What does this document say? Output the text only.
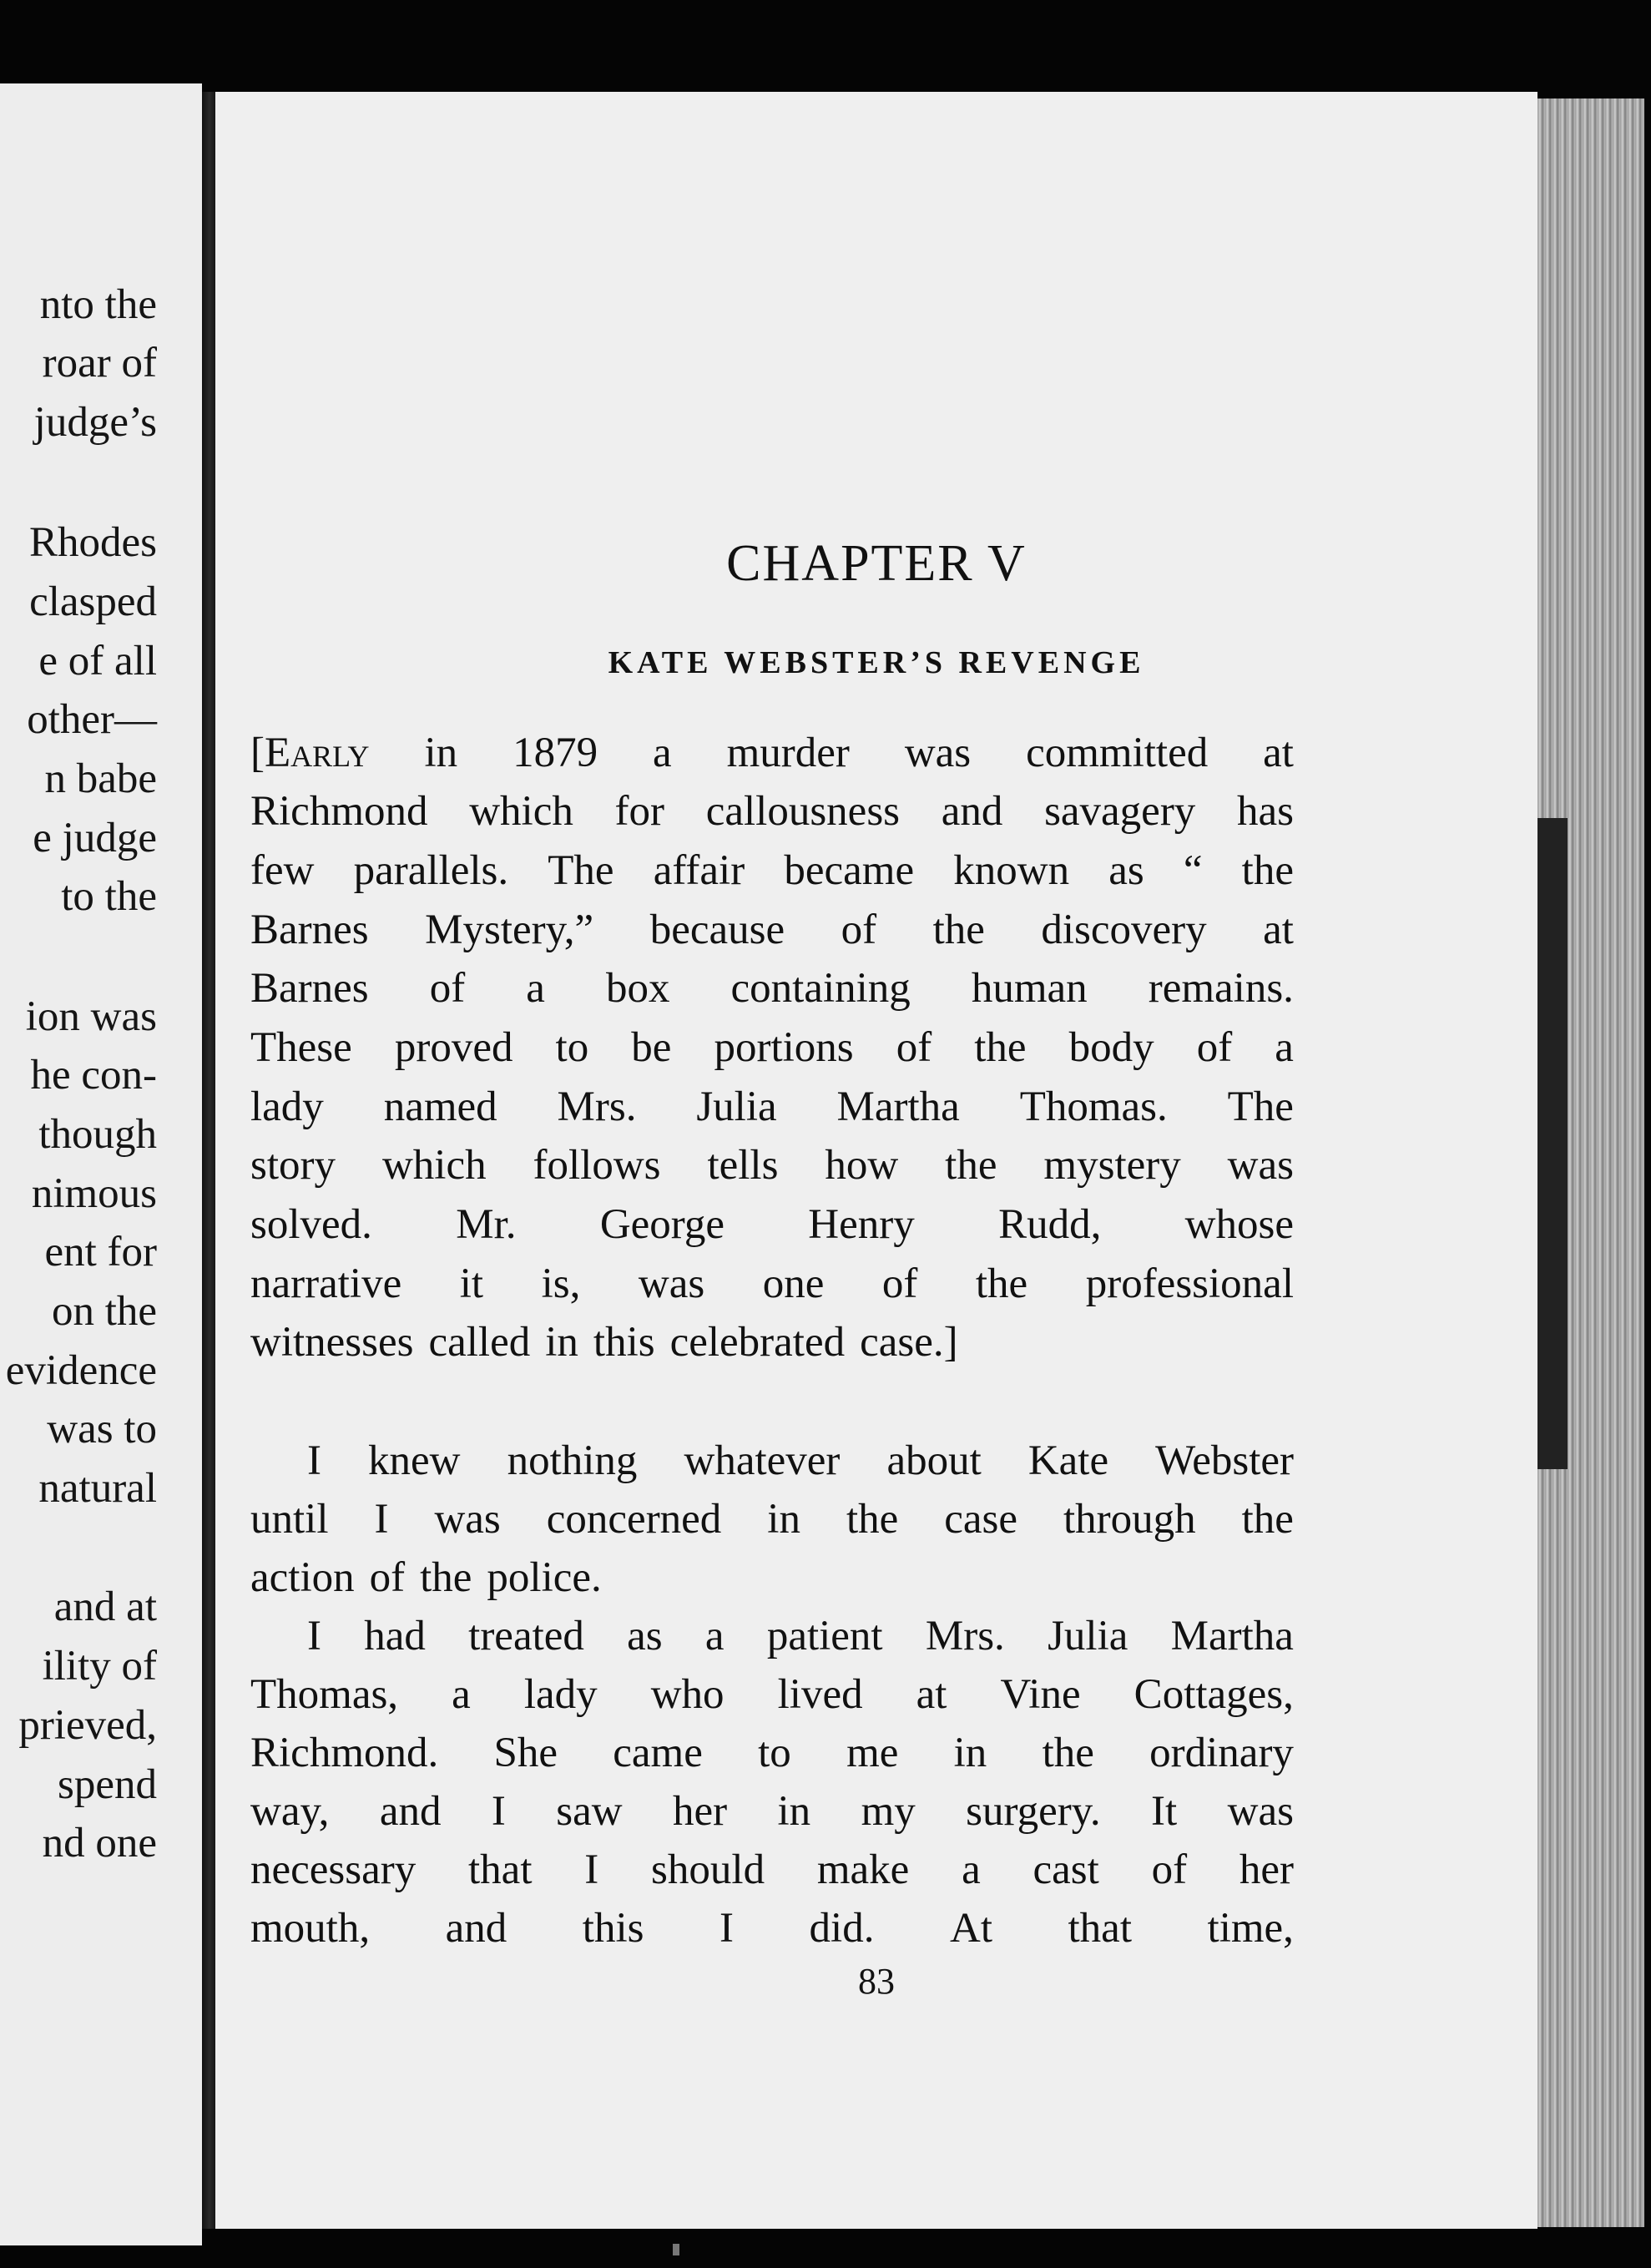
nto the
roar of
judge’s
Rhodes
clasped
e of all
other—
n babe
e judge
to the
ion was
he con-
though
nimous
ent for
on the
evidence
was to
natural
and at
ility of
prieved,
spend
nd one
CHAPTER V
KATE WEBSTER’S REVENGE
[Early in 1879 a murder was committed at
Richmond which for callousness and savagery has
few parallels. The affair became known as “ the
Barnes Mystery,” because of the discovery at
Barnes of a box containing human remains.
These proved to be portions of the body of a
lady named Mrs. Julia Martha Thomas. The
story which follows tells how the mystery was
solved. Mr. George Henry Rudd, whose
narrative it is, was one of the professional
witnesses called in this celebrated case.]
I knew nothing whatever about Kate Webster
until I was concerned in the case through the
action of the police.
I had treated as a patient Mrs. Julia Martha
Thomas, a lady who lived at Vine Cottages,
Richmond. She came to me in the ordinary
way, and I saw her in my surgery. It was
necessary that I should make a cast of her
mouth, and this I did. At that time,
83
